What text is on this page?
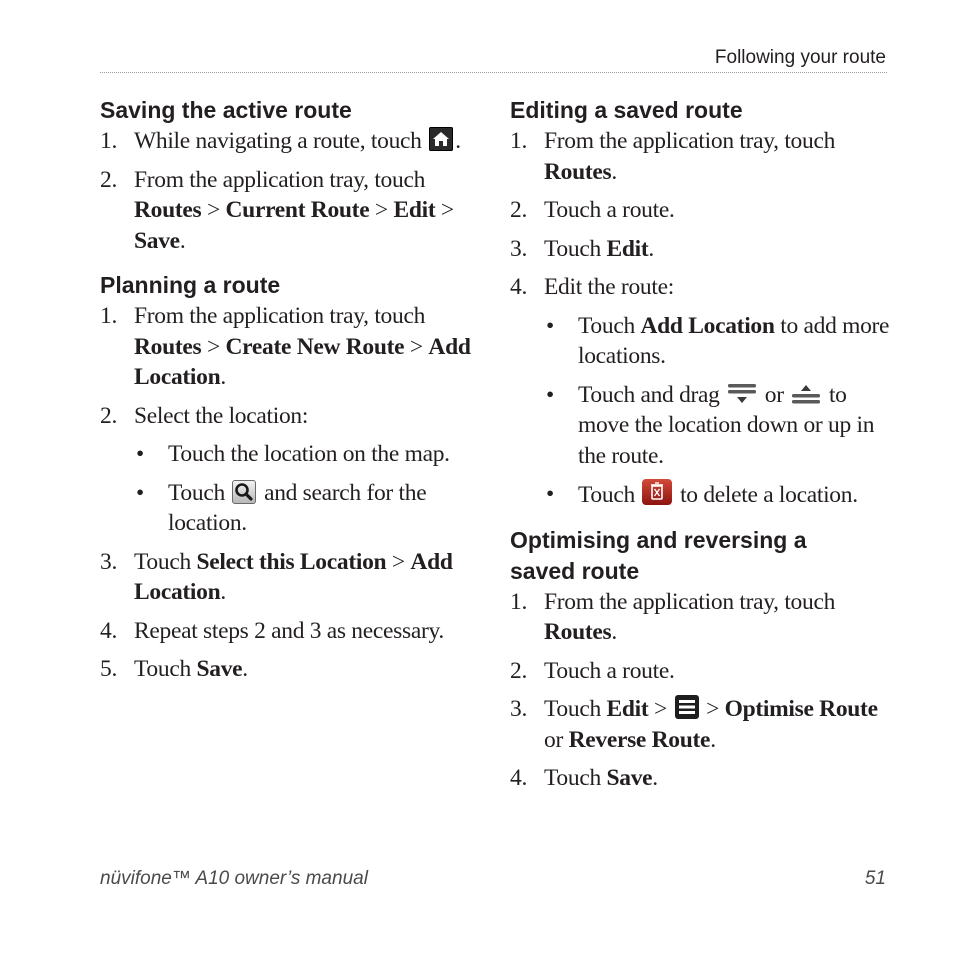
Following your route
Saving the active route
1. While navigating a route, touch .
2. From the application tray, touch Routes > Current Route > Edit > Save.
Planning a route
1. From the application tray, touch Routes > Create New Route > Add Location.
2. Select the location:
• Touch the location on the map.
• Touch and search for the location.
3. Touch Select this Location > Add Location.
4. Repeat steps 2 and 3 as necessary.
5. Touch Save.
Editing a saved route
1. From the application tray, touch Routes.
2. Touch a route.
3. Touch Edit.
4. Edit the route:
• Touch Add Location to add more locations.
• Touch and drag or to move the location down or up in the route.
• Touch to delete a location.
Optimising and reversing a
saved route
1. From the application tray, touch Routes.
2. Touch a route.
3. Touch Edit >  > Optimise Route or Reverse Route.
4. Touch Save.
nüvifone™ A10 owner’s manual	51
